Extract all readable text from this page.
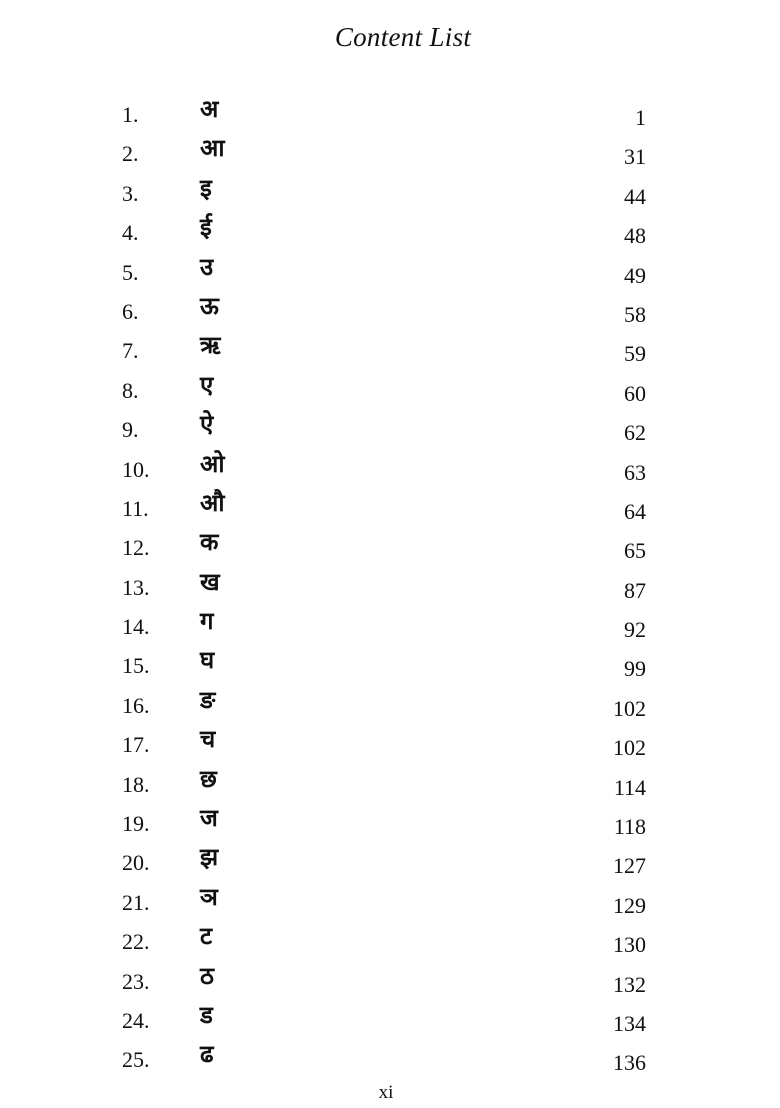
Content List
1.	अ	1
2.	आ	31
3.	इ	44
4.	ई	48
5.	उ	49
6.	ऊ	58
7.	ऋ	59
8.	ए	60
9.	ऐ	62
10. ओ	63
11. औ	64
12. क	65
13. ख	87
14. ग	92
15. घ	99
16. ङ	102
17. च	102
18. छ	114
19. ज	118
20. झ	127
21. ञ	129
22. ट	130
23. ठ	132
24. ड	134
25. ढ	136
xi
